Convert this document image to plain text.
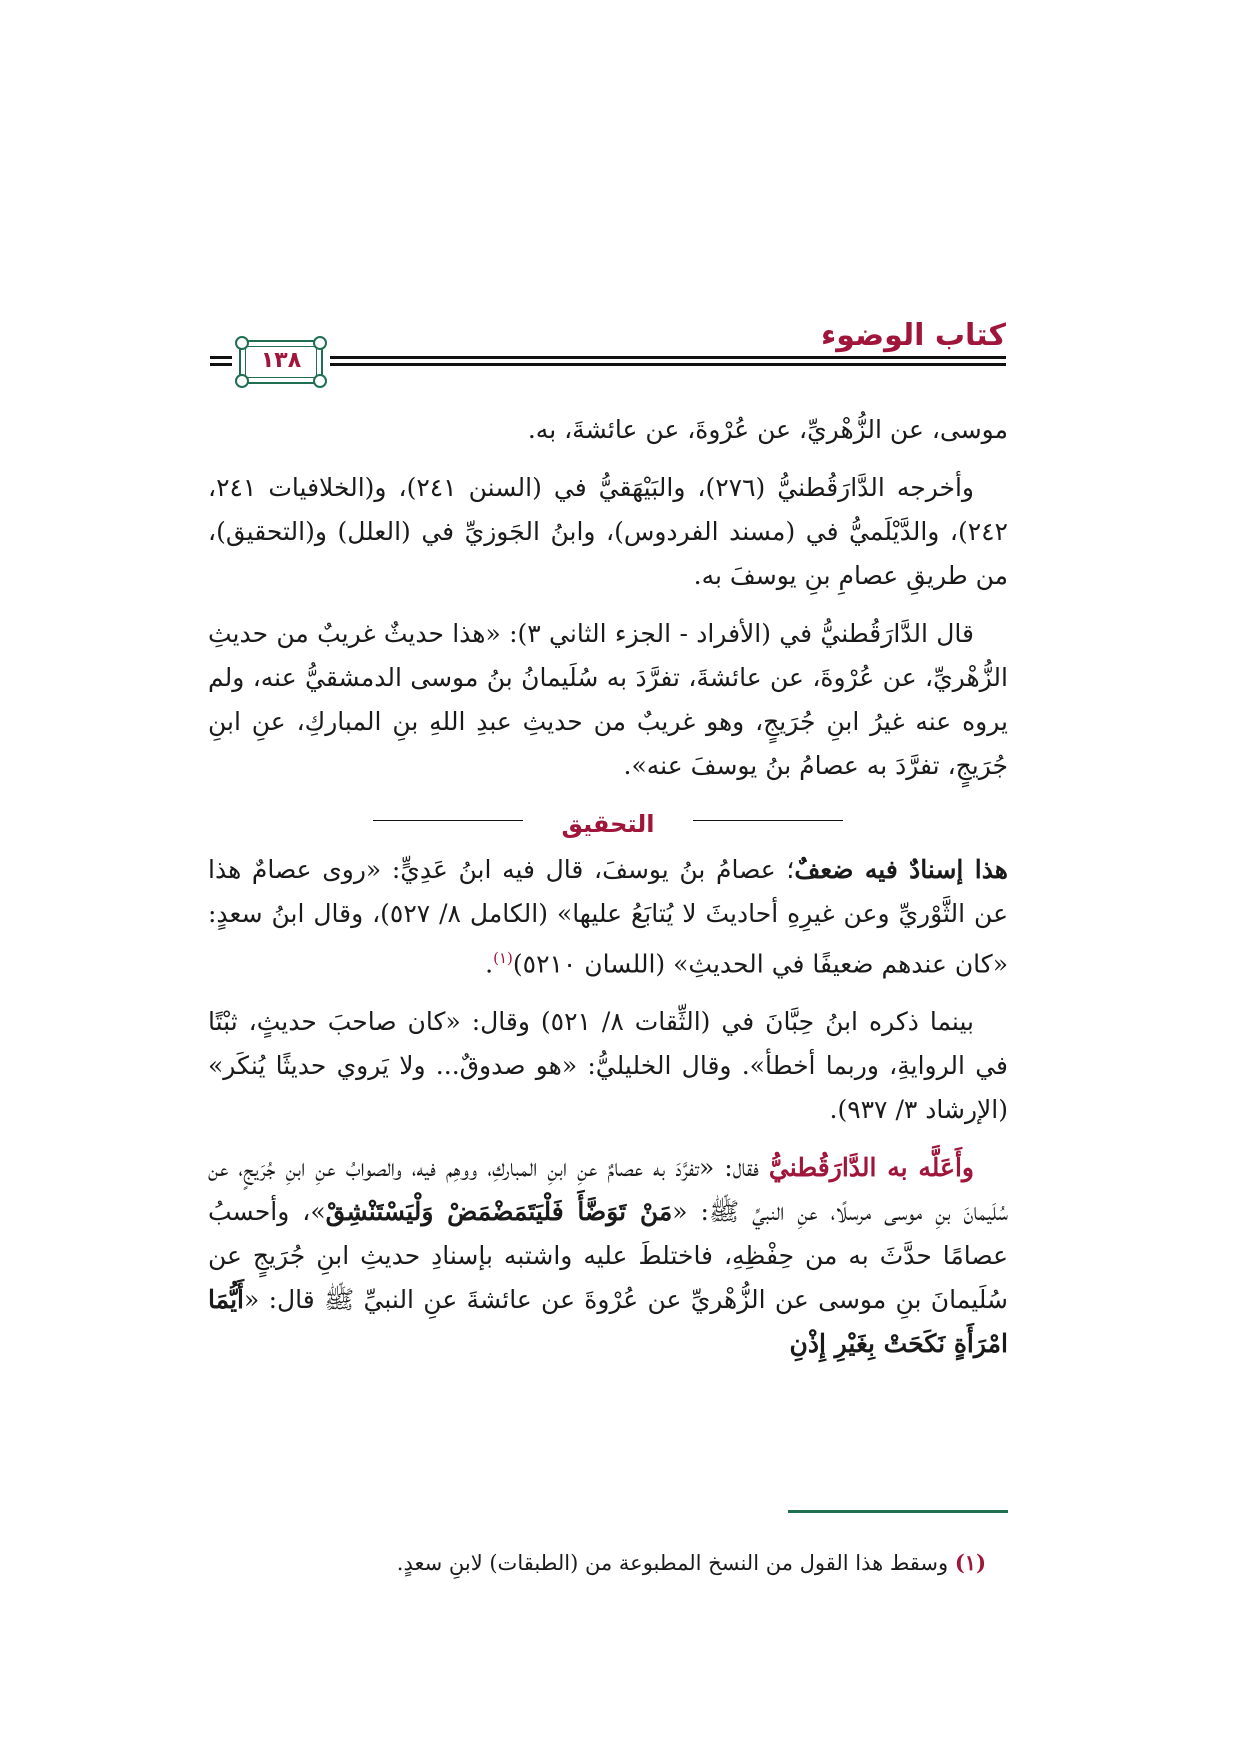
١٣٨
كتاب الوضوء

موسى، عن الزُّهْريِّ، عن عُرْوةَ، عن عائشةَ، به.

وأخرجه الدَّارَقُطنيُّ (٢٧٦)، والبَيْهَقيُّ في (السنن ٢٤١)، و(الخلافيات ٢٤١، ٢٤٢)، والدَّيْلَميُّ في (مسند الفردوس)، وابنُ الجَوزيِّ في (العلل) و(التحقيق)، من طريقِ عصامِ بنِ يوسفَ به.

قال الدَّارَقُطنيُّ في (الأفراد - الجزء الثاني ٣): «هذا حديثٌ غريبٌ من حديثِ الزُّهْريِّ، عن عُرْوةَ، عن عائشةَ، تفرَّدَ به سُلَيمانُ بنُ موسى الدمشقيُّ عنه، ولم يروه عنه غيرُ ابنِ جُرَيجٍ، وهو غريبٌ من حديثِ عبدِ اللهِ بنِ المباركِ، عنِ ابنِ جُرَيجٍ، تفرَّدَ به عصامُ بنُ يوسفَ عنه».

التحقيق

هذا إسنادٌ فيه ضعفٌ؛ عصامُ بنُ يوسفَ، قال فيه ابنُ عَدِيٍّ: «روى عصامٌ هذا عن الثَّوْريِّ وعن غيرِهِ أحاديثَ لا يُتابَعُ عليها» (الكامل ٨/ ٥٢٧)، وقال ابنُ سعدٍ: «كان عندهم ضعيفًا في الحديثِ» (اللسان ٥٢١٠)$^{(١)}$.

بينما ذكره ابنُ حِبَّانَ في (الثِّقات ٨/ ٥٢١) وقال: «كان صاحبَ حديثٍ، ثبْتًا في الروايةِ، وربما أخطأ». وقال الخليليُّ: «هو صدوقٌ... ولا يَروي حديثًا يُنكَر» (الإرشاد ٣/ ٩٣٧).

وأَعَلَّه به الدَّارَقُطنيُّ فقال: «تفرَّدَ به عصامٌ عنِ ابنِ المباركِ، ووهِم فيه، والصوابُ عنِ ابنِ جُرَيجٍ، عن سُلَيمانَ بنِ موسى مرسلًا، عنِ النبيِّ ﷺ: «مَنْ تَوَضَّأَ فَلْيَتَمَضْمَضْ وَلْيَسْتَنْشِقْ»، وأحسبُ عصامًا حدَّثَ به من حِفْظِهِ، فاختلطَ عليه واشتبه بإسنادِ حديثِ ابنِ جُرَيجٍ عن سُلَيمانَ بنِ موسى عن الزُّهْريِّ عن عُرْوةَ عن عائشةَ عنِ النبيِّ ﷺ قال: «أَيُّمَا امْرَأَةٍ نَكَحَتْ بِغَيْرِ إِذْنِ

(١) وسقط هذا القول من النسخ المطبوعة من (الطبقات) لابنِ سعدٍ.
